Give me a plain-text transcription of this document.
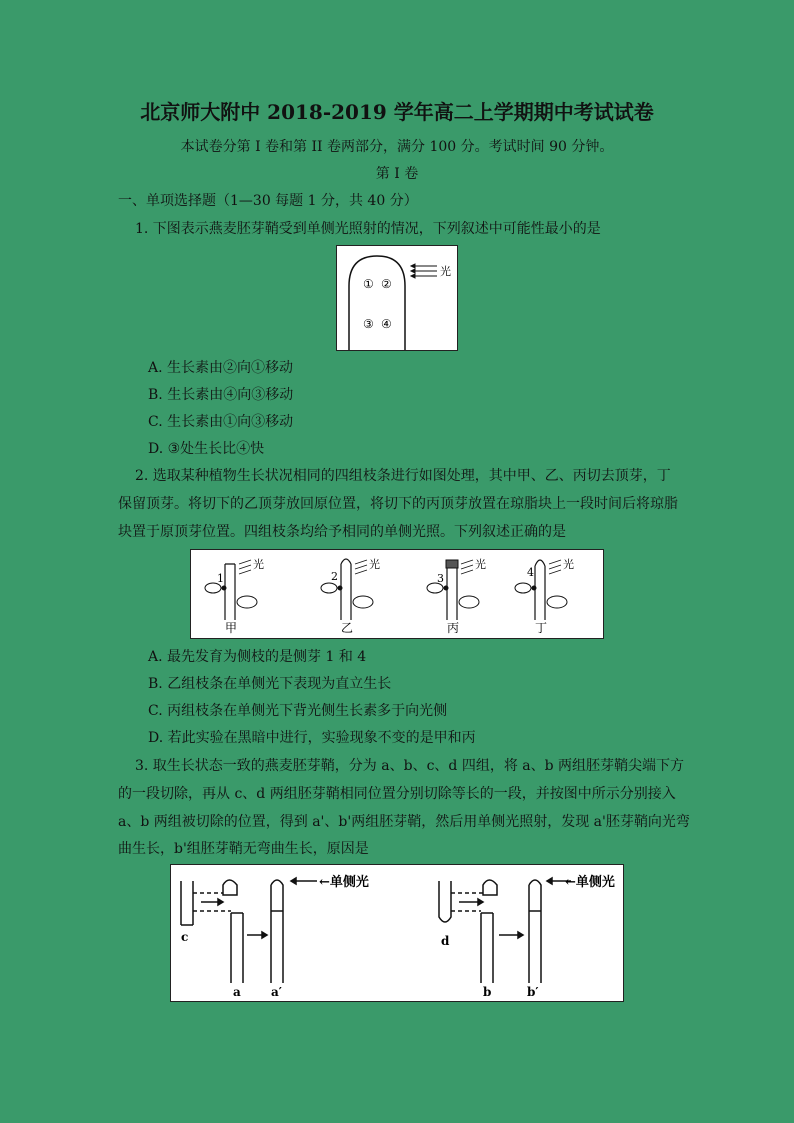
北京师大附中 2018-2019 学年高二上学期期中考试试卷
本试卷分第 I 卷和第 II 卷两部分，满分 100 分。考试时间 90 分钟。
第 I 卷
一、单项选择题（1—30 每题 1 分，共 40 分）
1. 下图表示燕麦胚芽鞘受到单侧光照射的情况，下列叙述中可能性最小的是
① ②
③ ④
光
A. 生长素由②向①移动
B. 生长素由④向③移动
C. 生长素由①向③移动
D. ③处生长比④快
2. 选取某种植物生长状况相同的四组枝条进行如图处理，其中甲、乙、丙切去顶芽，丁
保留顶芽。将切下的乙顶芽放回原位置，将切下的丙顶芽放置在琼脂块上一段时间后将琼脂
块置于原顶芽位置。四组枝条均给予相同的单侧光照。下列叙述正确的是
1
光
甲
2
光
乙
3
光
丙
4
光
丁
A. 最先发育为侧枝的是侧芽 1 和 4
B. 乙组枝条在单侧光下表现为直立生长
C. 丙组枝条在单侧光下背光侧生长素多于向光侧
D. 若此实验在黑暗中进行，实验现象不变的是甲和丙
3. 取生长状态一致的燕麦胚芽鞘，分为 a、b、c、d 四组，将 a、b 两组胚芽鞘尖端下方
的一段切除，再从 c、d 两组胚芽鞘相同位置分别切除等长的一段，并按图中所示分别接入
a、b 两组被切除的位置，得到 a'、b'两组胚芽鞘，然后用单侧光照射，发现 a'胚芽鞘向光弯
曲生长，b'组胚芽鞘无弯曲生长，原因是
←单侧光
c
a	a′
←单侧光
d
b	b′
